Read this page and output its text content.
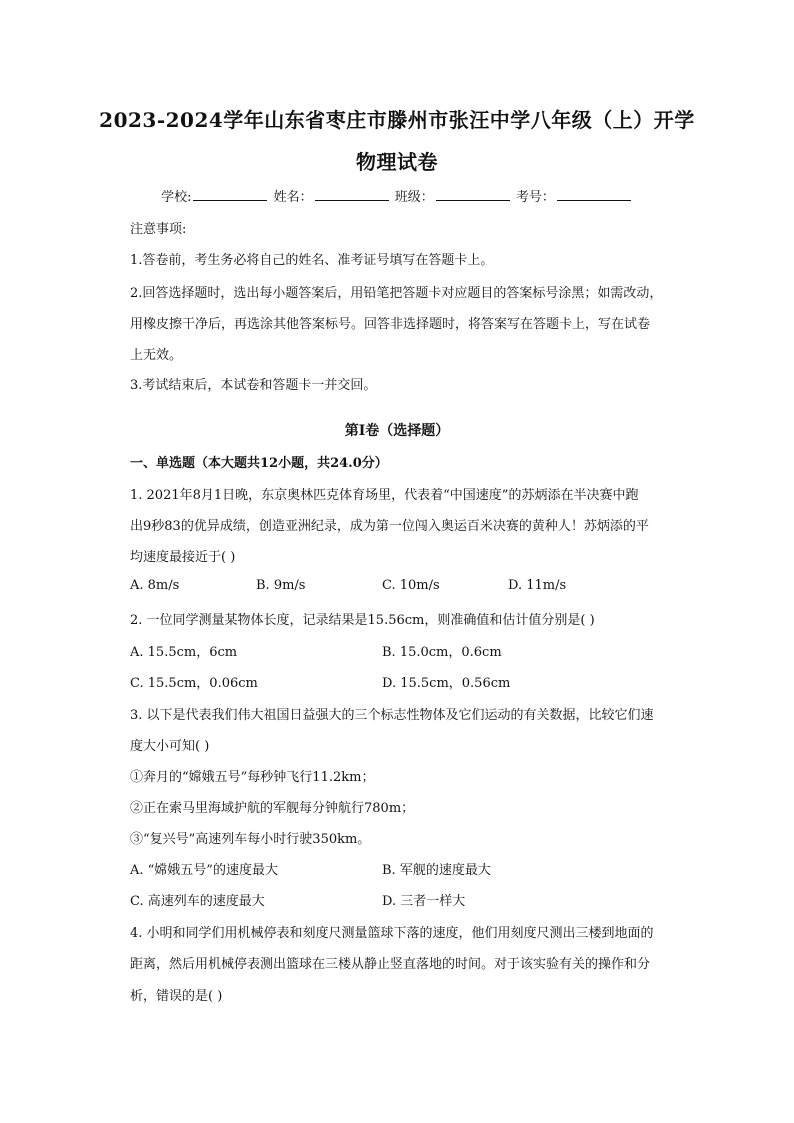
2023-2024学年山东省枣庄市滕州市张汪中学八年级（上）开学
物理试卷
学校:	姓名：	班级：	考号：
注意事项:
1.答卷前，考生务必将自己的姓名、准考证号填写在答题卡上。
2.回答选择题时，选出每小题答案后，用铅笔把答题卡对应题目的答案标号涂黑；如需改动，
用橡皮擦干净后，再选涂其他答案标号。回答非选择题时，将答案写在答题卡上，写在试卷
上无效。
3.考试结束后，本试卷和答题卡一并交回。
第I卷（选择题）
一、单选题（本大题共12小题，共24.0分）
1. 2021年8月1日晚，东京奥林匹克体育场里，代表着“中国速度”的苏炳添在半决赛中跑
出9秒83的优异成绩，创造亚洲纪录，成为第一位闯入奥运百米决赛的黄种人！苏炳添的平
均速度最接近于( )
A. 8m/s	B. 9m/s	C. 10m/s	D. 11m/s
2. 一位同学测量某物体长度，记录结果是15.56cm，则准确值和估计值分别是( )
A. 15.5cm，6cm	B. 15.0cm，0.6cm
C. 15.5cm，0.06cm	D. 15.5cm，0.56cm
3. 以下是代表我们伟大祖国日益强大的三个标志性物体及它们运动的有关数据，比较它们速
度大小可知( )
①奔月的“嫦娥五号”每秒钟飞行11.2km；
②正在索马里海域护航的军舰每分钟航行780m；
③“复兴号”高速列车每小时行驶350km。
A. “嫦娥五号”的速度最大	B. 军舰的速度最大
C. 高速列车的速度最大	D. 三者一样大
4. 小明和同学们用机械停表和刻度尺测量篮球下落的速度，他们用刻度尺测出三楼到地面的
距离，然后用机械停表测出篮球在三楼从静止竖直落地的时间。对于该实验有关的操作和分
析，错误的是( )
